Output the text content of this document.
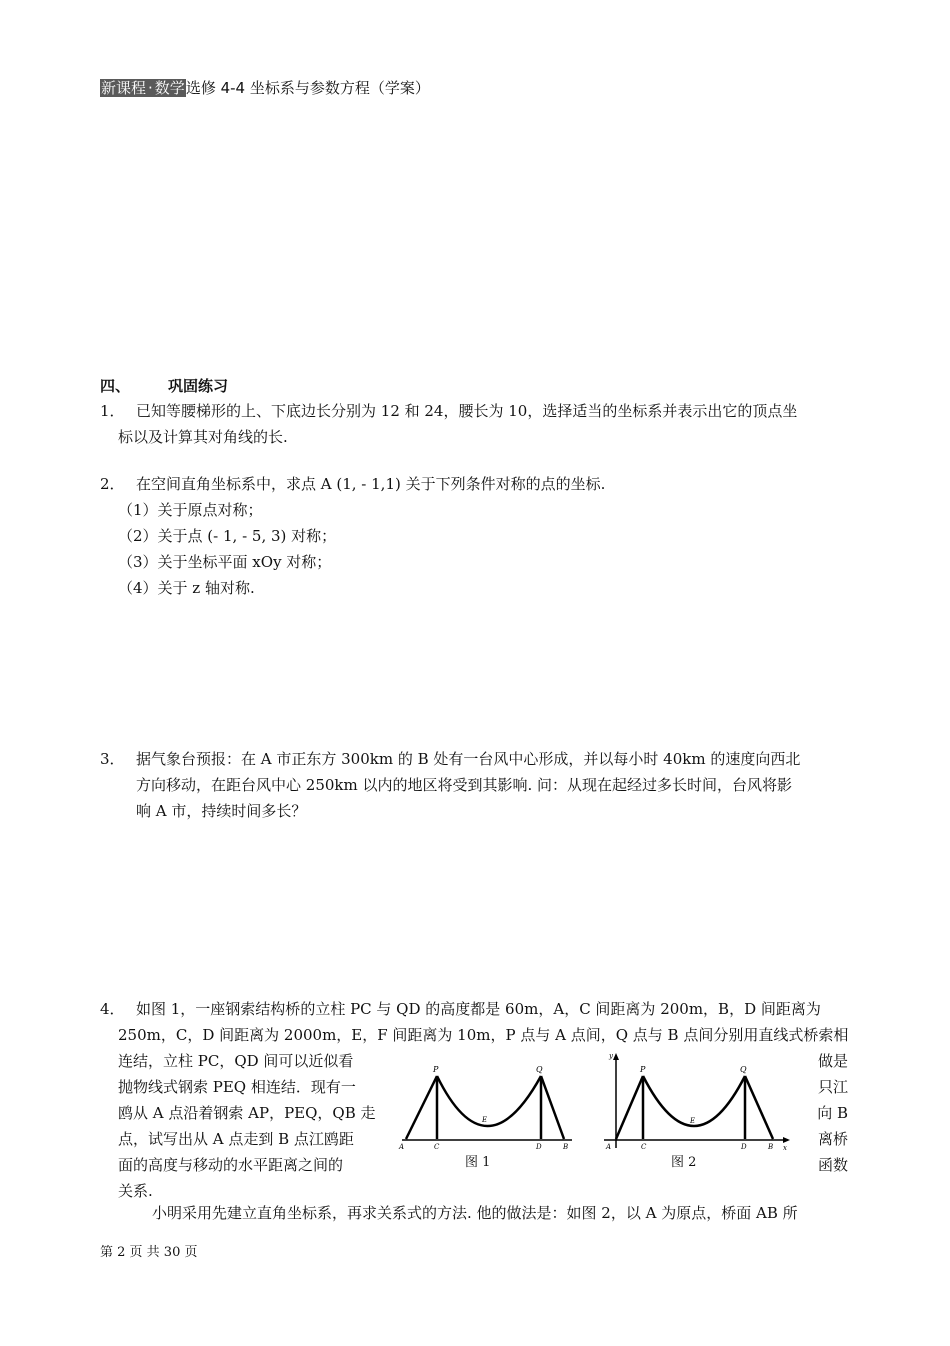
新课程 · 数学选修 4-4 坐标系与参数方程（学案）
四、	巩固练习
1． 已知等腰梯形的上、下底边长分别为 12 和 24，腰长为 10，选择适当的坐标系并表示出它的顶点坐
标以及计算其对角线的长.
2． 在空间直角坐标系中，求点 A (1, - 1,1) 关于下列条件对称的点的坐标.
（1）关于原点对称；
（2）关于点 (- 1, - 5, 3) 对称；
（3）关于坐标平面 xOy 对称；
（4）关于 z 轴对称.
3． 据气象台预报：在 A 市正东方 300km 的 B 处有一台风中心形成，并以每小时 40km 的速度向西北
方向移动，在距台风中心 250km 以内的地区将受到其影响. 问：从现在起经过多长时间，台风将影
响 A 市，持续时间多长？
4． 如图 1，一座钢索结构桥的立柱 PC 与 QD 的高度都是 60m，A，C 间距离为 200m，B，D 间距离为
250m，C，D 间距离为 2000m，E，F 间距离为 10m，P 点与 A 点间，Q 点与 B 点间分别用直线式桥索相
连结，立柱 PC，QD 间可以近似看
抛物线式钢索 PEQ 相连结．现有一
鸥从 A 点沿着钢索 AP，PEQ，QB 走
点，试写出从 A 点走到 B 点江鸥距
面的高度与移动的水平距离之间的
关系.
做是
只江
向 B
离桥
函数
小明采用先建立直角坐标系，再求关系式的方法. 他的做法是：如图 2，以 A 为原点，桥面 AB 所
P	Q
E
A	C	D	B
图 1
y
x
P	Q
E
A	C	D	B
图 2
第 2 页 共 30 页
